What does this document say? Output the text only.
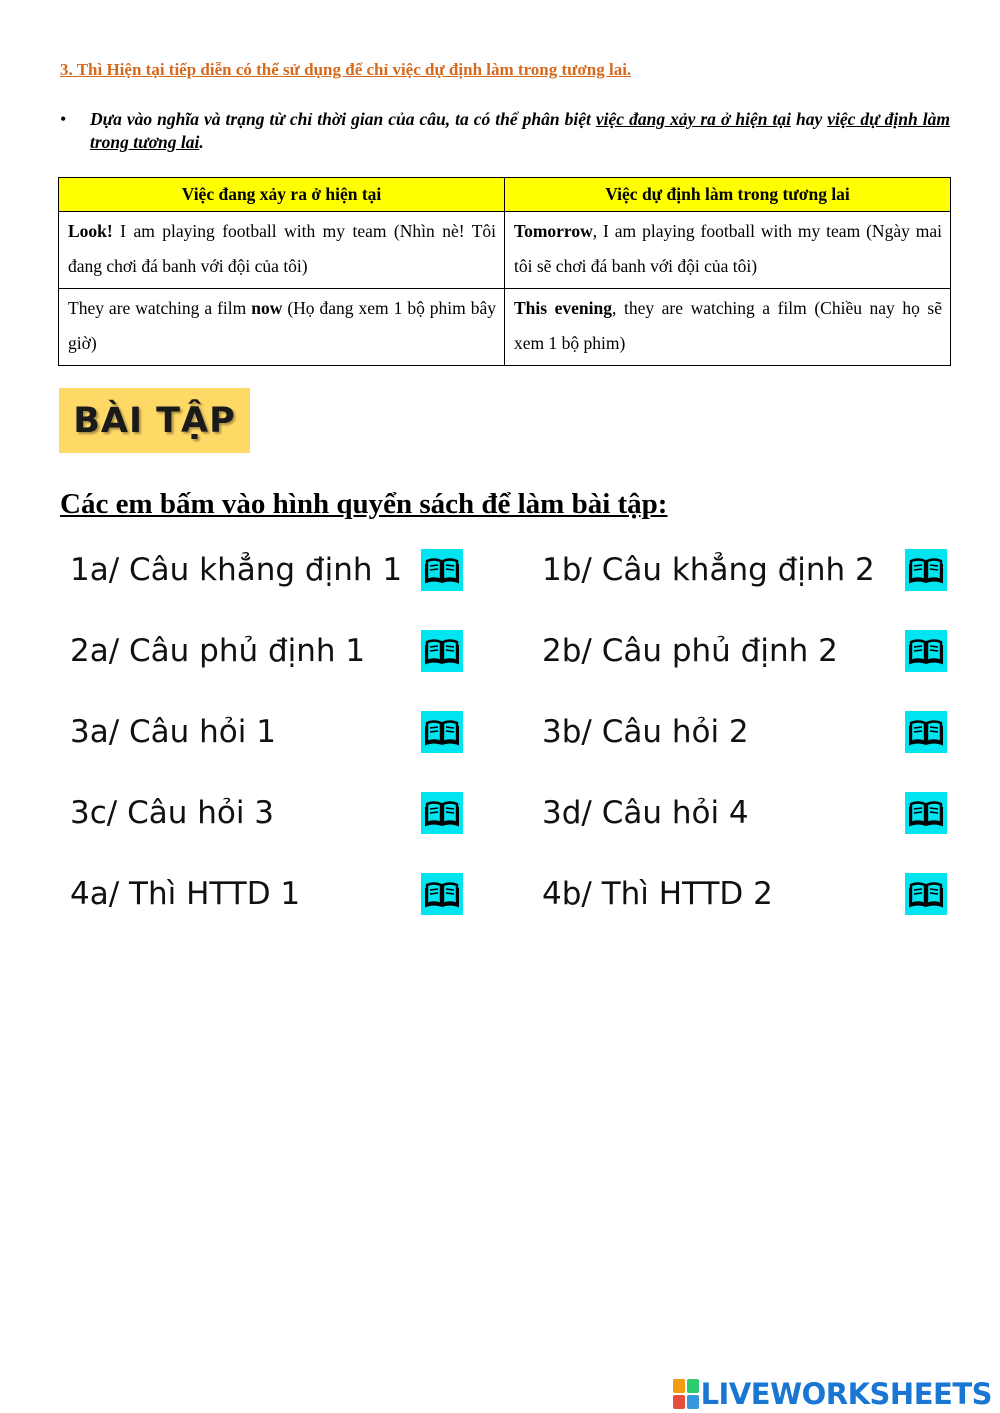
3. Thì Hiện tại tiếp diễn có thể sử dụng để chỉ việc dự định làm trong tương lai.
•	Dựa vào nghĩa và trạng từ chỉ thời gian của câu, ta có thể phân biệt việc đang xảy ra ở hiện tại hay việc dự định làm trong tương lai.
Việc đang xảy ra ở hiện tại	Việc dự định làm trong tương lai
Look! I am playing football with my team (Nhìn nè! Tôi đang chơi đá banh với đội của tôi)	Tomorrow, I am playing football with my team (Ngày mai tôi sẽ chơi đá banh với đội của tôi)
They are watching a film now (Họ đang xem 1 bộ phim bây giờ)	This evening, they are watching a film (Chiều nay họ sẽ xem 1 bộ phim)
BÀI TẬP
Các em bấm vào hình quyển sách để làm bài tập:
1a/ Câu khẳng định 1	1b/ Câu khẳng định 2
2a/ Câu phủ định 1	2b/ Câu phủ định 2
3a/ Câu hỏi 1	3b/ Câu hỏi 2
3c/ Câu hỏi 3	3d/ Câu hỏi 4
4a/ Thì HTTD 1	4b/ Thì HTTD 2
LIVEWORKSHEETS
